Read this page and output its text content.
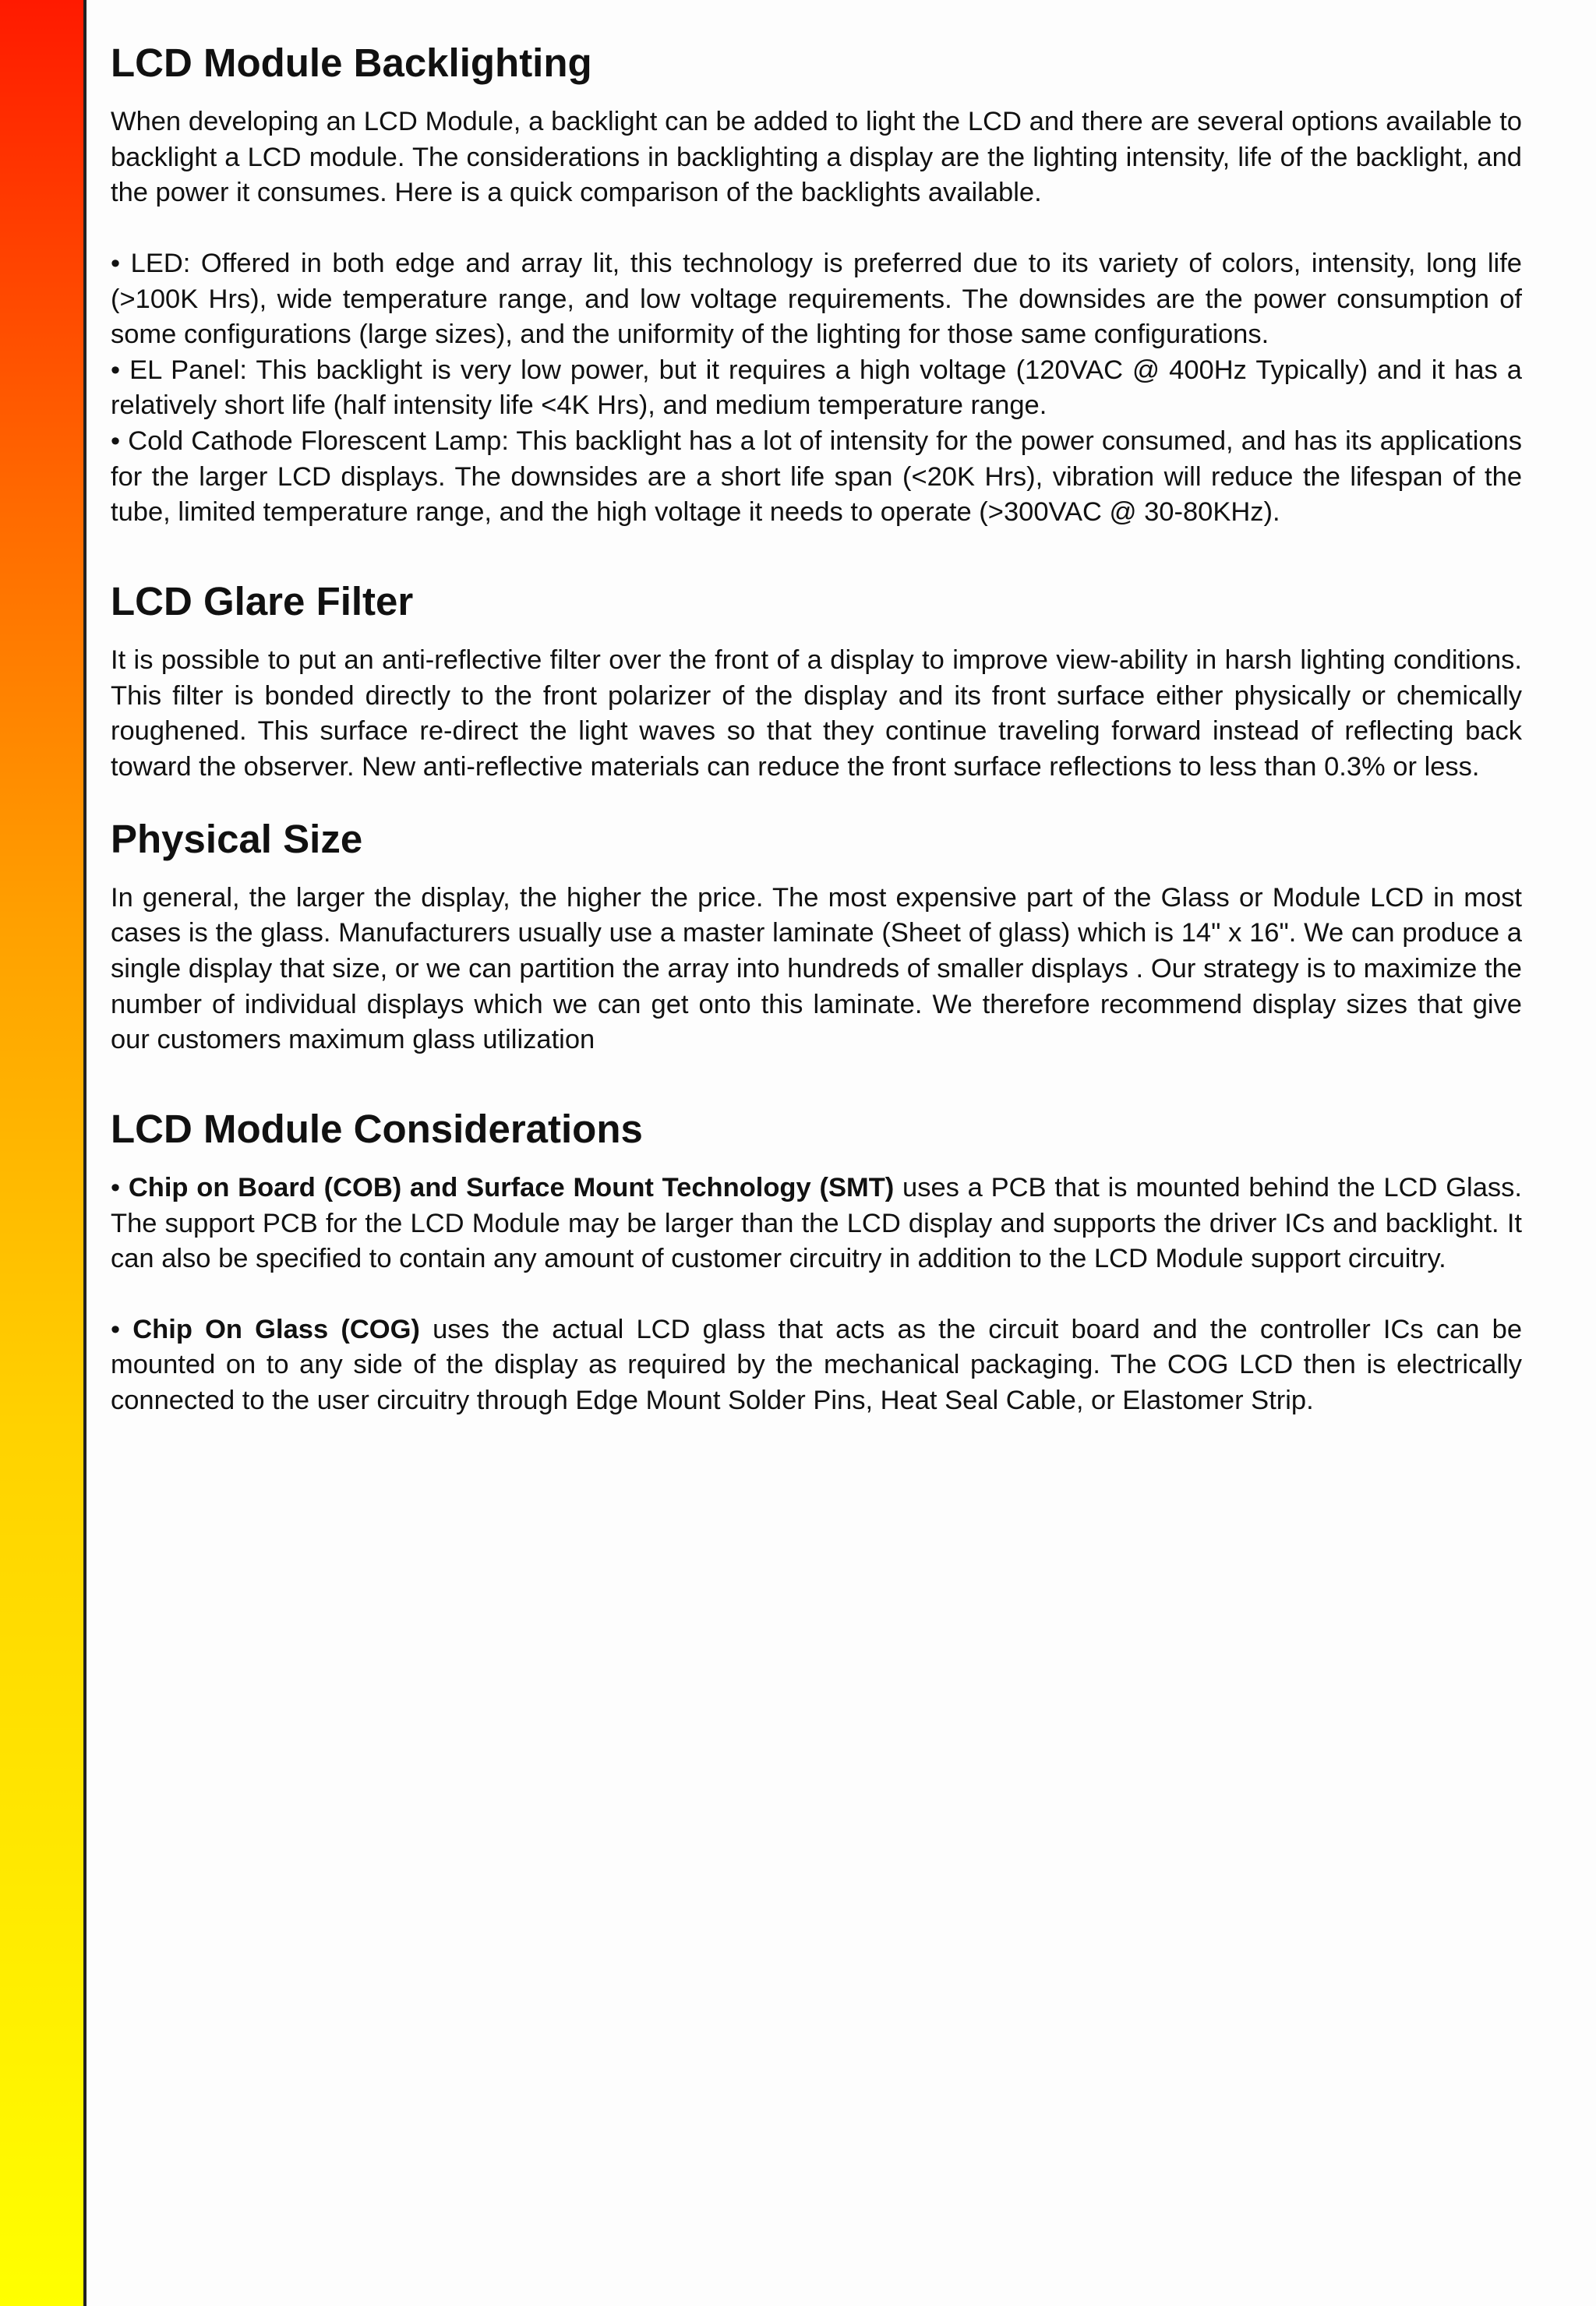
LCD Module Backlighting

When developing an LCD Module, a backlight can be added to light the LCD and there are several options available to backlight a LCD module. The considerations in backlighting a display are the lighting intensity, life of the backlight, and the power it consumes. Here is a quick comparison of the backlights available.

• LED: Offered in both edge and array lit, this technology is preferred due to its variety of colors, intensity, long life (>100K Hrs), wide temperature range, and low voltage requirements. The downsides are the power consumption of some configurations (large sizes), and the uniformity of the lighting for those same configurations.

• EL Panel: This backlight is very low power, but it requires a high voltage (120VAC @ 400Hz Typically) and it has a relatively short life (half intensity life <4K Hrs), and medium temperature range.

• Cold Cathode Florescent Lamp: This backlight has a lot of intensity for the power consumed, and has its applications for the larger LCD displays. The downsides are a short life span (<20K Hrs), vibration will reduce the lifespan of the tube, limited temperature range, and the high voltage it needs to operate (>300VAC @ 30-80KHz).

LCD Glare Filter

It is possible to put an anti-reflective filter over the front of a display to improve view-ability in harsh lighting conditions. This filter is bonded directly to the front polarizer of the display and its front surface either physically or chemically roughened. This surface re-direct the light waves so that they continue traveling forward instead of reflecting back toward the observer. New anti-reflective materials can reduce the front surface reflections to less than 0.3% or less.

Physical Size

In general, the larger the display, the higher the price. The most expensive part of the Glass or Module LCD in most cases is the glass. Manufacturers usually use a master laminate (Sheet of glass) which is 14" x 16". We can produce a single display that size, or we can partition the array into hundreds of smaller displays . Our strategy is to maximize the number of individual displays which we can get onto this laminate. We therefore recommend display sizes that give our customers maximum glass utilization

LCD Module Considerations

• Chip on Board (COB) and Surface Mount Technology (SMT) uses a PCB that is mounted behind the LCD Glass. The support PCB for the LCD Module may be larger than the LCD display and supports the driver ICs and backlight. It can also be specified to contain any amount of customer circuitry in addition to the LCD Module support circuitry.

• Chip On Glass (COG) uses the actual LCD glass that acts as the circuit board and the controller ICs can be mounted on to any side of the display as required by the mechanical packaging. The COG LCD then is electrically connected to the user circuitry through Edge Mount Solder Pins, Heat Seal Cable, or Elastomer Strip.
